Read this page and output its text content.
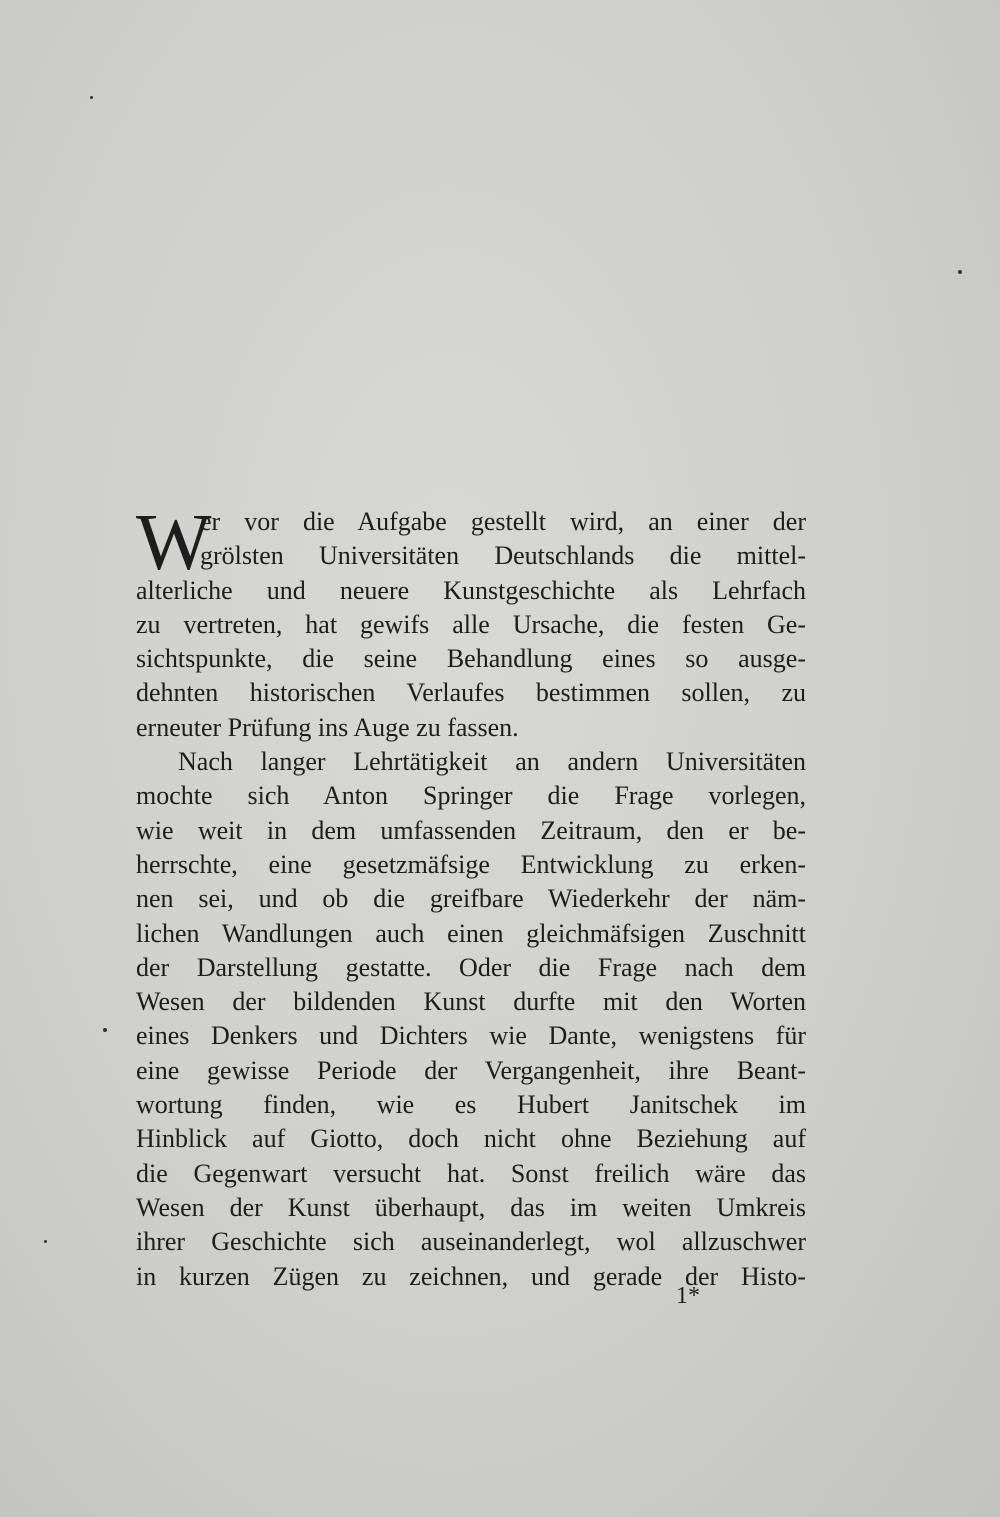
W
er vor die Aufgabe gestellt wird, an einer der
grölsten Universitäten Deutschlands die mittel-
alterliche und neuere Kunstgeschichte als Lehrfach
zu vertreten, hat gewifs alle Ursache, die festen Ge-
sichtspunkte, die seine Behandlung eines so ausge-
dehnten historischen Verlaufes bestimmen sollen, zu
erneuter Prüfung ins Auge zu fassen.
Nach langer Lehrtätigkeit an andern Universitäten
mochte sich Anton Springer die Frage vorlegen,
wie weit in dem umfassenden Zeitraum, den er be-
herrschte, eine gesetzmäfsige Entwicklung zu erken-
nen sei, und ob die greifbare Wiederkehr der näm-
lichen Wandlungen auch einen gleichmäfsigen Zuschnitt
der Darstellung gestatte. Oder die Frage nach dem
Wesen der bildenden Kunst durfte mit den Worten
eines Denkers und Dichters wie Dante, wenigstens für
eine gewisse Periode der Vergangenheit, ihre Beant-
wortung finden, wie es Hubert Janitschek im
Hinblick auf Giotto, doch nicht ohne Beziehung auf
die Gegenwart versucht hat. Sonst freilich wäre das
Wesen der Kunst überhaupt, das im weiten Umkreis
ihrer Geschichte sich auseinanderlegt, wol allzuschwer
in kurzen Zügen zu zeichnen, und gerade der Histo-
1*
